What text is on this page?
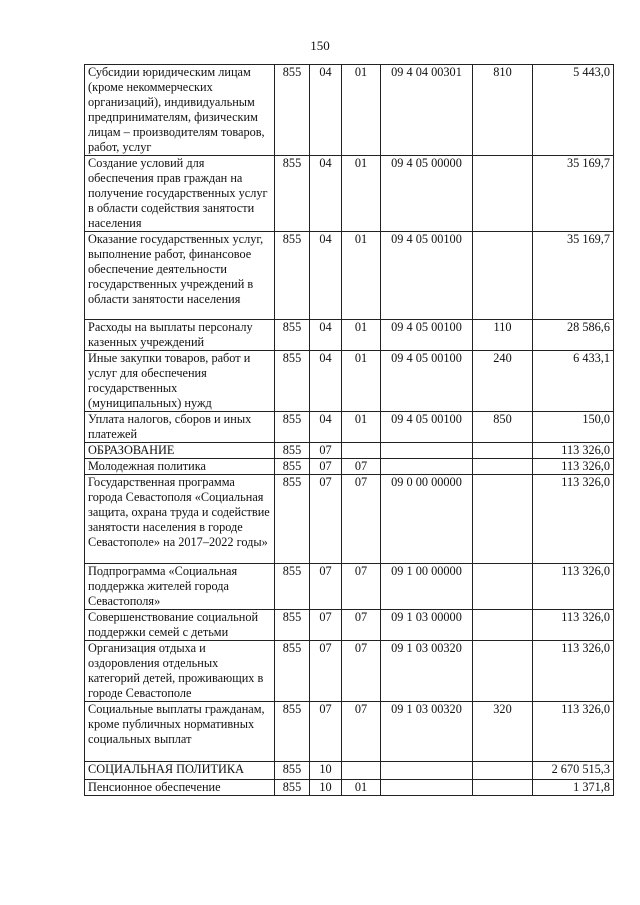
150
Субсидии юридическим лицам (кроме некоммерческих организаций), индивидуальным предпринимателям, физическим лицам – производителям товаров, работ, услуг	855	04	01	09 4 04 00301	810	5 443,0
Создание условий для обеспечения прав граждан на получение государственных услуг в области содействия занятости населения	855	04	01	09 4 05 00000		35 169,7
Оказание государственных услуг, выполнение работ, финансовое обеспечение деятельности государственных учреждений в области занятости населения	855	04	01	09 4 05 00100		35 169,7
Расходы на выплаты персоналу казенных учреждений	855	04	01	09 4 05 00100	110	28 586,6
Иные закупки товаров, работ и услуг для обеспечения государственных (муниципальных) нужд	855	04	01	09 4 05 00100	240	6 433,1
Уплата налогов, сборов и иных платежей	855	04	01	09 4 05 00100	850	150,0
ОБРАЗОВАНИЕ	855	07				113 326,0
Молодежная политика	855	07	07			113 326,0
Государственная программа города Севастополя «Социальная защита, охрана труда и содействие занятости населения в городе Севастополе» на 2017–2022 годы»	855	07	07	09 0 00 00000		113 326,0
Подпрограмма «Социальная поддержка жителей города Севастополя»	855	07	07	09 1 00 00000		113 326,0
Совершенствование социальной поддержки семей с детьми	855	07	07	09 1 03 00000		113 326,0
Организация отдыха и оздоровления отдельных категорий детей, проживающих в городе Севастополе	855	07	07	09 1 03 00320		113 326,0
Социальные выплаты гражданам, кроме публичных нормативных социальных выплат	855	07	07	09 1 03 00320	320	113 326,0
СОЦИАЛЬНАЯ ПОЛИТИКА	855	10				2 670 515,3
Пенсионное обеспечение	855	10	01			1 371,8
